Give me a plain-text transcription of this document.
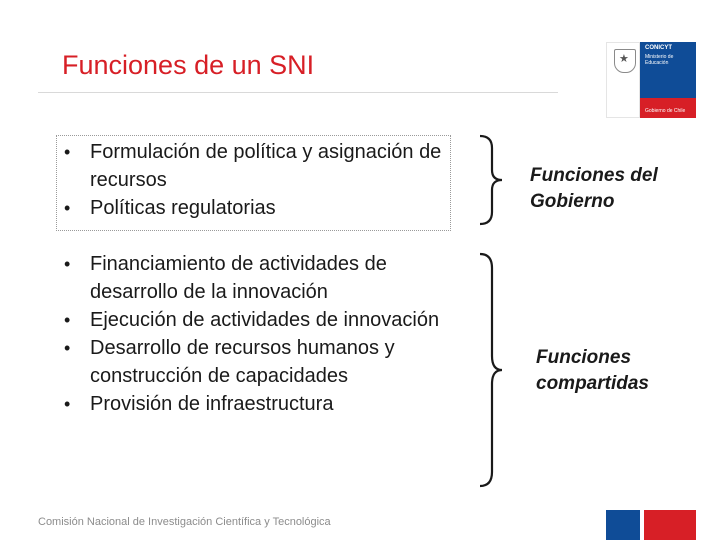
Funciones de un SNI	★
CONICYT
Ministerio de
Educación
Gobierno de Chile
• Formulación de política y asignación de recursos
• Políticas regulatorias
Funciones del
Gobierno
• Financiamiento de actividades de desarrollo de la innovación
• Ejecución de actividades de innovación
• Desarrollo de recursos humanos y construcción de capacidades
• Provisión de infraestructura
Funciones
compartidas
Comisión Nacional de Investigación Científica y Tecnológica
